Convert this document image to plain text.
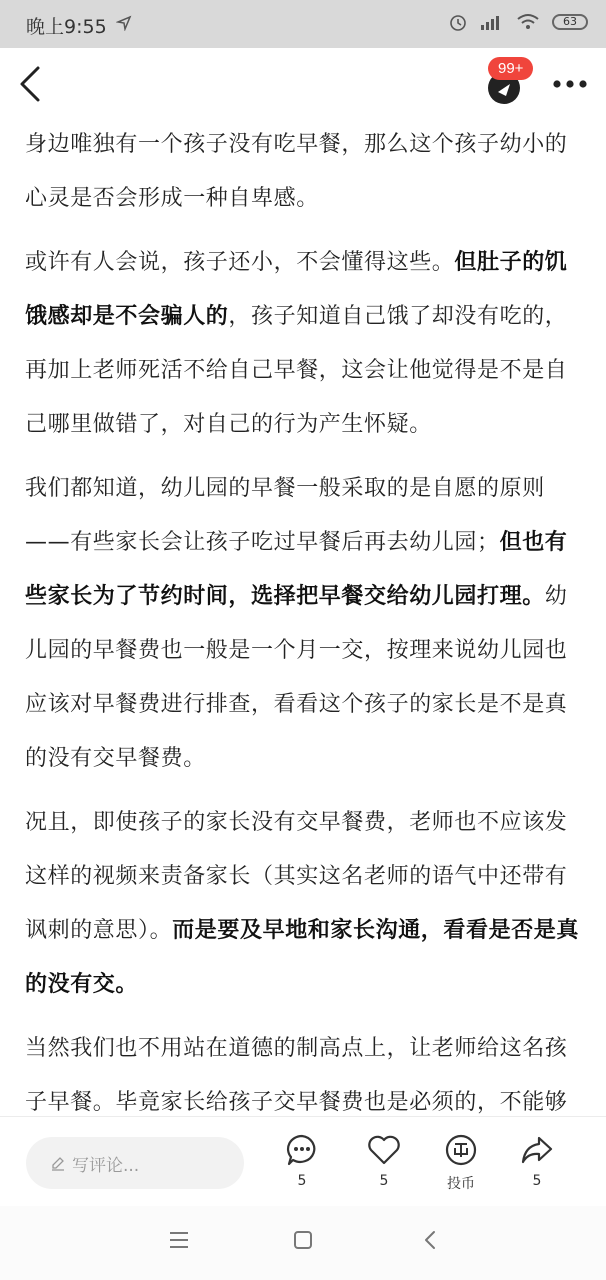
晚上9:55	63
99+

身边唯独有一个孩子没有吃早餐，那么这个孩子幼小的心灵是否会形成一种自卑感。

或许有人会说，孩子还小，不会懂得这些。但肚子的饥饿感却是不会骗人的，孩子知道自己饿了却没有吃的，再加上老师死活不给自己早餐，这会让他觉得是不是自己哪里做错了，对自己的行为产生怀疑。

我们都知道，幼儿园的早餐一般采取的是自愿的原则——有些家长会让孩子吃过早餐后再去幼儿园；但也有些家长为了节约时间，选择把早餐交给幼儿园打理。幼儿园的早餐费也一般是一个月一交，按理来说幼儿园也应该对早餐费进行排查，看看这个孩子的家长是不是真的没有交早餐费。

况且，即使孩子的家长没有交早餐费，老师也不应该发这样的视频来责备家长（其实这名老师的语气中还带有讽刺的意思）。而是要及早地和家长沟通，看看是否是真的没有交。

当然我们也不用站在道德的制高点上，让老师给这名孩子早餐。毕竟家长给孩子交早餐费也是必须的，不能够

写评论...
5	5	投币	5
